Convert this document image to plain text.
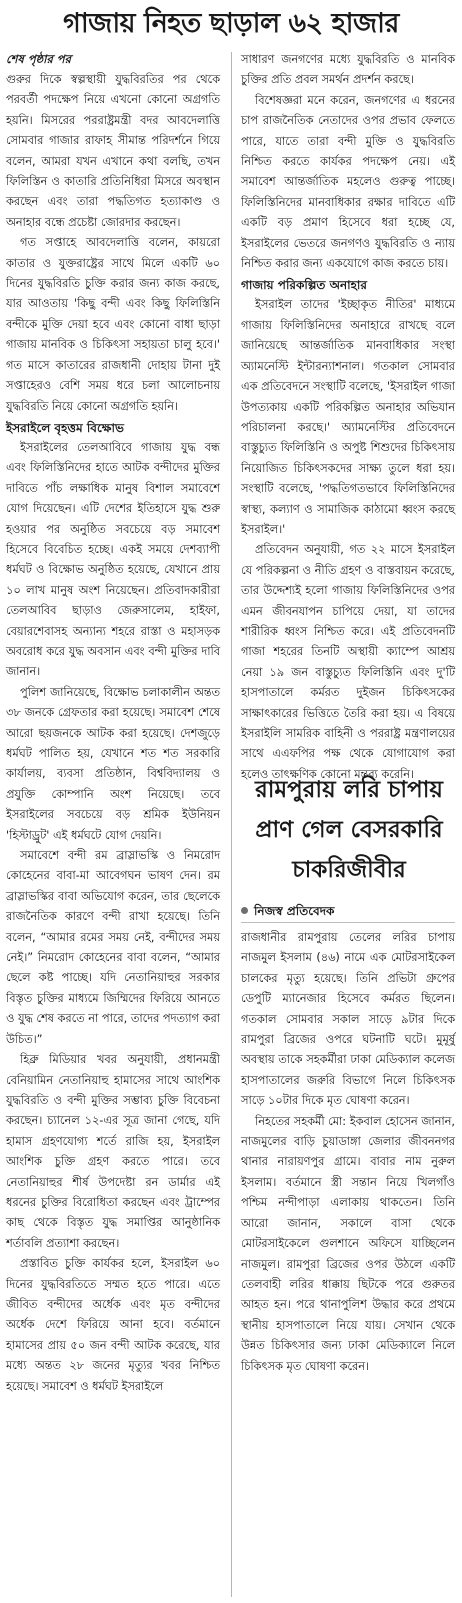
গাজায় নিহত ছাড়াল ৬২ হাজার
শেষ পৃষ্ঠার পর

গুরুর দিকে স্বল্পস্থায়ী যুদ্ধবিরতির পর থেকে পরবর্তী পদক্ষেপ নিয়ে এখনো কোনো অগ্রগতি হয়নি। মিসরের পররাষ্ট্রমন্ত্রী বদর আবদেলাত্তি সোমবার গাজার রাফাহ সীমান্ত পরিদর্শনে গিয়ে বলেন, আমরা যখন এখানে কথা বলছি, তখন ফিলিস্তিন ও কাতারি প্রতিনিধিরা মিসরে অবস্থান করছেন এবং তারা পদ্ধতিগত হত্যাকাণ্ড ও অনাহার বন্ধে প্রচেষ্টা জোরদার করছেন।

গত সপ্তাহে আবদেলাত্তি বলেন, কায়রো কাতার ও যুক্তরাষ্ট্রের সাথে মিলে একটি ৬০ দিনের যুদ্ধবিরতি চুক্তি করার জন্য কাজ করছে, যার আওতায় 'কিছু বন্দী এবং কিছু ফিলিস্তিনি বন্দীকে মুক্তি দেয়া হবে এবং কোনো বাধা ছাড়া গাজায় মানবিক ও চিকিৎসা সহায়তা চালু হবে।' গত মাসে কাতারের রাজধানী দোহায় টানা দুই সপ্তাহেরও বেশি সময় ধরে চলা আলোচনায় যুদ্ধবিরতি নিয়ে কোনো অগ্রগতি হয়নি।

ইসরাইলে বৃহত্তম বিক্ষোভ

ইসরাইলের তেলআবিবে গাজায় যুদ্ধ বন্ধ এবং ফিলিস্তিনিদের হাতে আটক বন্দীদের মুক্তির দাবিতে পাঁচ লক্ষাধিক মানুষ বিশাল সমাবেশে যোগ দিয়েছেন। এটি দেশের ইতিহাসে যুদ্ধ শুরু হওয়ার পর অনুষ্ঠিত সবচেয়ে বড় সমাবেশ হিসেবে বিবেচিত হচ্ছে। একই সময়ে দেশব্যাপী ধর্মঘট ও বিক্ষোভ অনুষ্ঠিত হয়েছে, যেখানে প্রায় ১০ লাখ মানুষ অংশ নিয়েছেন। প্রতিবাদকারীরা তেলআবিব ছাড়াও জেরুসালেম, হাইফা, বেয়ারশেবাসহ অন্যান্য শহরে রাস্তা ও মহাসড়ক অবরোধ করে যুদ্ধ অবসান এবং বন্দী মুক্তির দাবি জানান।

পুলিশ জানিয়েছে, বিক্ষোভ চলাকালীন অন্তত ৩৮ জনকে গ্রেফতার করা হয়েছে। সমাবেশ শেষে আরো ছয়জনকে আটক করা হয়েছে। দেশজুড়ে ধর্মঘট পালিত হয়, যেখানে শত শত সরকারি কার্যালয়, ব্যবসা প্রতিষ্ঠান, বিশ্ববিদ্যালয় ও প্রযুক্তি কোম্পানি অংশ নিয়েছে। তবে ইসরাইলের সবচেয়ে বড় শ্রমিক ইউনিয়ন 'হিস্টাড্রুট' এই ধর্মঘটে যোগ দেয়নি।

সমাবেশে বন্দী রম ব্রাস্লাভস্কি ও নিমরোদ কোহেনের বাবা-মা আবেগঘন ভাষণ দেন। রম ব্রাস্লাভস্কির বাবা অভিযোগ করেন, তার ছেলেকে রাজনৈতিক কারণে বন্দী রাখা হয়েছে। তিনি বলেন, “আমার রমের সময় নেই, বন্দীদের সময় নেই।” নিমরোদ কোহেনের বাবা বলেন, “আমার ছেলে কষ্ট পাচ্ছে। যদি নেতানিয়াহুর সরকার বিস্তৃত চুক্তির মাধ্যমে জিম্মিদের ফিরিয়ে আনতে ও যুদ্ধ শেষ করতে না পারে, তাদের পদত্যাগ করা উচিত।”

হিব্রু মিডিয়ার খবর অনুযায়ী, প্রধানমন্ত্রী বেনিয়ামিন নেতানিয়াহু হামাসের সাথে আংশিক যুদ্ধবিরতি ও বন্দী মুক্তির সম্ভাব্য চুক্তি বিবেচনা করছেন। চ্যানেল ১২-এর সূত্র জানা গেছে, যদি হামাস গ্রহণযোগ্য শর্তে রাজি হয়, ইসরাইল আংশিক চুক্তি গ্রহণ করতে পারে। তবে নেতানিয়াহুর শীর্ষ উপদেষ্টা রন ডার্মার এই ধরনের চুক্তির বিরোধিতা করছেন এবং ট্রাম্পের কাছ থেকে বিস্তৃত যুদ্ধ সমাপ্তির আনুষ্ঠানিক শর্তাবলি প্রত্যাশা করছেন।

প্রস্তাবিত চুক্তি কার্যকর হলে, ইসরাইল ৬০ দিনের যুদ্ধবিরতিতে সম্মত হতে পারে। এতে জীবিত বন্দীদের অর্ধেক এবং মৃত বন্দীদের অর্ধেক দেশে ফিরিয়ে আনা হবে। বর্তমানে হামাসের প্রায় ৫০ জন বন্দী আটক করেছে, যার মধ্যে অন্তত ২৮ জনের মৃত্যুর খবর নিশ্চিত হয়েছে। সমাবেশ ও ধর্মঘট ইসরাইলে

সাধারণ জনগণের মধ্যে যুদ্ধবিরতি ও মানবিক চুক্তির প্রতি প্রবল সমর্থন প্রদর্শন করছে।

বিশেষজ্ঞরা মনে করেন, জনগণের এ ধরনের চাপ রাজনৈতিক নেতাদের ওপর প্রভাব ফেলতে পারে, যাতে তারা বন্দী মুক্তি ও যুদ্ধবিরতি নিশ্চিত করতে কার্যকর পদক্ষেপ নেয়। এই সমাবেশ আন্তর্জাতিক মহলেও গুরুত্ব পাচ্ছে। ফিলিস্তিনিদের মানবাধিকার রক্ষার দাবিতে এটি একটি বড় প্রমাণ হিসেবে ধরা হচ্ছে যে, ইসরাইলের ভেতরে জনগণও যুদ্ধবিরতি ও ন্যায় নিশ্চিত করার জন্য একযোগে কাজ করতে চায়।

গাজায় পরিকল্পিত অনাহার

ইসরাইল তাদের 'ইচ্ছাকৃত নীতির' মাধ্যমে গাজায় ফিলিস্তিনিদের অনাহারে রাখছে বলে জানিয়েছে আন্তর্জাতিক মানবাধিকার সংস্থা অ্যামনেস্টি ইন্টারন্যাশনাল। গতকাল সোমবার এক প্রতিবেদনে সংস্থাটি বলেছে, 'ইসরাইল গাজা উপত্যকায় একটি পরিকল্পিত অনাহার অভিযান পরিচালনা করছে।' অ্যামনেস্টির প্রতিবেদনে বাস্তুচ্যুত ফিলিস্তিনি ও অপুষ্ট শিশুদের চিকিৎসায় নিয়োজিত চিকিৎসকদের সাক্ষ্য তুলে ধরা হয়। সংস্থাটি বলেছে, 'পদ্ধতিগতভাবে ফিলিস্তিনিদের স্বাস্থ্য, কল্যাণ ও সামাজিক কাঠামো ধ্বংস করছে ইসরাইল।'

প্রতিবেদন অনুযায়ী, গত ২২ মাসে ইসরাইল যে পরিকল্পনা ও নীতি গ্রহণ ও বাস্তবায়ন করেছে, তার উদ্দেশ্যই হলো গাজায় ফিলিস্তিনিদের ওপর এমন জীবনযাপন চাপিয়ে দেয়া, যা তাদের শারীরিক ধ্বংস নিশ্চিত করে। এই প্রতিবেদনটি গাজা শহরের তিনটি অস্থায়ী ক্যাম্পে আশ্রয় নেয়া ১৯ জন বাস্তুচ্যুত ফিলিস্তিনি এবং দু'টি হাসপাতালে কর্মরত দুইজন চিকিৎসকের সাক্ষাৎকারের ভিত্তিতে তৈরি করা হয়। এ বিষয়ে ইসরাইলি সামরিক বাহিনী ও পররাষ্ট্র মন্ত্রণালয়ের সাথে এএফপির পক্ষ থেকে যোগাযোগ করা হলেও তাৎক্ষণিক কোনো মন্তব্য করেনি।

রামপুরায় লরি চাপায়
প্রাণ গেল বেসরকারি
চাকরিজীবীর
নিজস্ব প্রতিবেদক

রাজধানীর রামপুরায় তেলের লরির চাপায় নাজমুল ইসলাম (৪৬) নামে এক মোটরসাইকেল চালকের মৃত্যু হয়েছে। তিনি প্রভিটা গ্রুপের ডেপুটি ম্যানেজার হিসেবে কর্মরত ছিলেন। গতকাল সোমবার সকাল সাড়ে ৯টার দিকে রামপুরা ব্রিজের ওপরে ঘটনাটি ঘটে। মুমূর্ষু অবস্থায় তাকে সহকর্মীরা ঢাকা মেডিক্যাল কলেজ হাসপাতালের জরুরি বিভাগে নিলে চিকিৎসক সাড়ে ১০টার দিকে মৃত ঘোষণা করেন।

নিহতের সহকর্মী মো: ইকবাল হোসেন জানান, নাজমুলের বাড়ি চুয়াডাঙ্গা জেলার জীবননগর থানার নারায়ণপুর গ্রামে। বাবার নাম নুরুল ইসলাম। বর্তমানে স্ত্রী সন্তান নিয়ে খিলগাঁও পশ্চিম নন্দীপাড়া এলাকায় থাকতেন। তিনি আরো জানান, সকালে বাসা থেকে মোটরসাইকেলে গুলশানে অফিসে যাচ্ছিলেন নাজমুল। রামপুরা ব্রিজের ওপর উঠলে একটি তেলবাহী লরির ধাক্কায় ছিটকে পরে গুরুতর আহত হন। পরে থানাপুলিশ উদ্ধার করে প্রথমে স্থানীয় হাসপাতালে নিয়ে যায়। সেখান থেকে উন্নত চিকিৎসার জন্য ঢাকা মেডিক্যালে নিলে চিকিৎসক মৃত ঘোষণা করেন।
